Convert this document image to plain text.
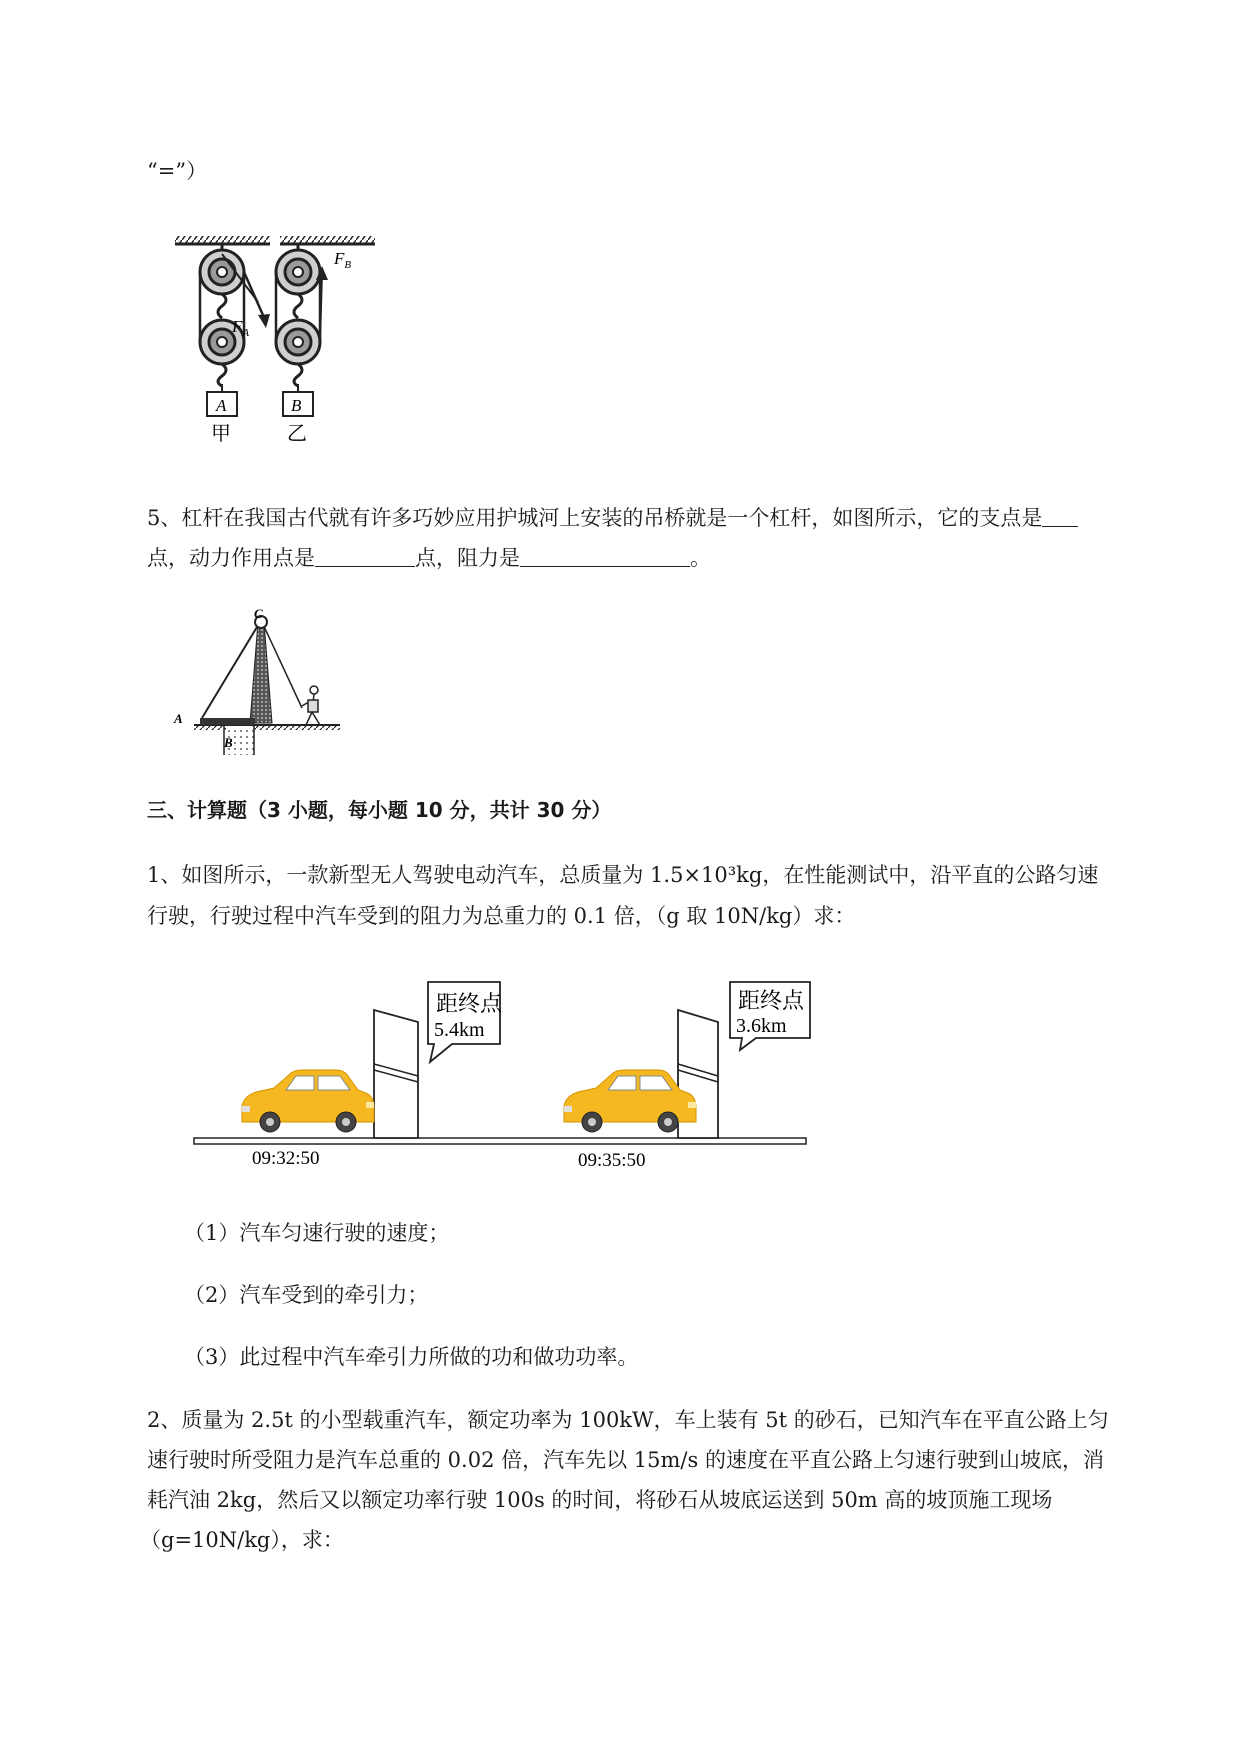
“=”）
$F_A$
A
甲
$F_B$
B
乙
5、杠杆在我国古代就有许多巧妙应用护城河上安装的吊桥就是一个杠杆，如图所示，它的支点是
点，动力作用点是	点，阻力是	。
C
A
B
三、计算题（3 小题，每小题 10 分，共计 30 分）
1、如图所示，一款新型无人驾驶电动汽车，总质量为 1.5×10³kg，在性能测试中，沿平直的公路匀速
行驶，行驶过程中汽车受到的阻力为总重力的 0.1 倍，（g 取 10N/kg）求：
距终点
5.4km
09:32:50
距终点
3.6km
09:35:50
（1）汽车匀速行驶的速度；
（2）汽车受到的牵引力；
（3）此过程中汽车牵引力所做的功和做功功率。
2、质量为 2.5t 的小型载重汽车，额定功率为 100kW，车上装有 5t 的砂石，已知汽车在平直公路上匀
速行驶时所受阻力是汽车总重的 0.02 倍，汽车先以 15m/s 的速度在平直公路上匀速行驶到山坡底，消
耗汽油 2kg，然后又以额定功率行驶 100s 的时间，将砂石从坡底运送到 50m 高的坡顶施工现场
（g=10N/kg），求：
